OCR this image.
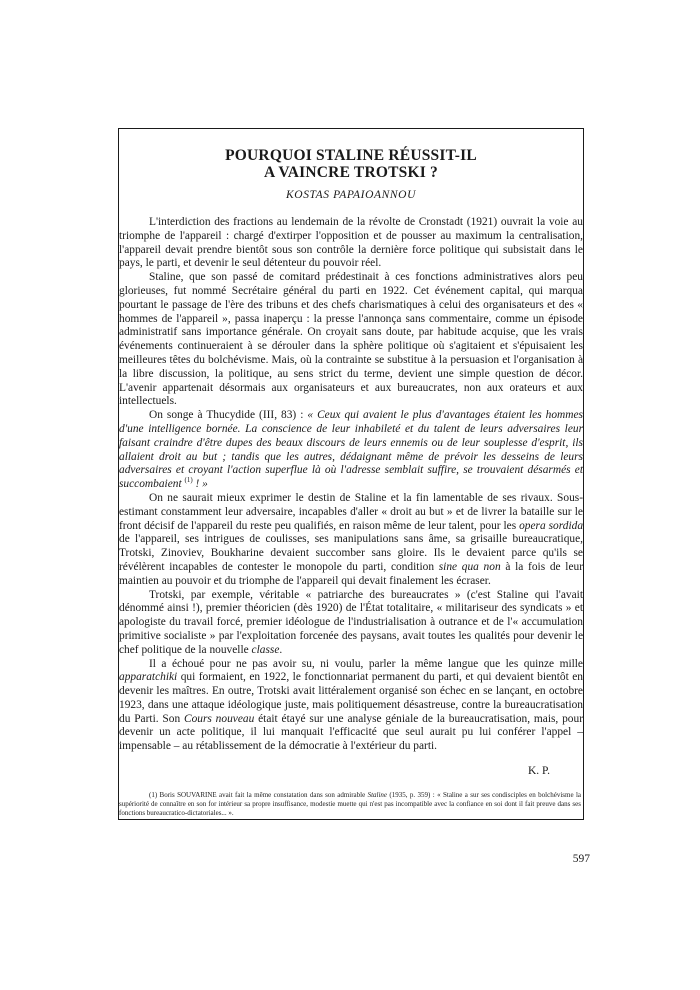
POURQUOI STALINE RÉUSSIT-IL
A VAINCRE TROTSKI ?
KOSTAS PAPAIOANNOU

L'interdiction des fractions au lendemain de la révolte de Cronstadt (1921) ouvrait la voie au triomphe de l'appareil : chargé d'extirper l'opposition et de pousser au maximum la centralisation, l'appareil devait prendre bientôt sous son contrôle la dernière force politique qui subsistait dans le pays, le parti, et devenir le seul détenteur du pouvoir réel.

Staline, que son passé de comitard prédestinait à ces fonctions administratives alors peu glorieuses, fut nommé Secrétaire général du parti en 1922. Cet événement capital, qui marqua pourtant le passage de l'ère des tribuns et des chefs charismatiques à celui des organisateurs et des « hommes de l'appareil », passa inaperçu : la presse l'annonça sans commentaire, comme un épisode administratif sans importance générale. On croyait sans doute, par habitude acquise, que les vrais événements continueraient à se dérouler dans la sphère politique où s'agitaient et s'épuisaient les meilleures têtes du bolchévisme. Mais, où la contrainte se substitue à la persuasion et l'organisation à la libre discussion, la politique, au sens strict du terme, devient une simple question de décor. L'avenir appartenait désormais aux organisateurs et aux bureaucrates, non aux orateurs et aux intellectuels.

On songe à Thucydide (III, 83) : « Ceux qui avaient le plus d'avantages étaient les hommes d'une intelligence bornée. La conscience de leur inhabileté et du talent de leurs adversaires leur faisant craindre d'être dupes des beaux discours de leurs ennemis ou de leur souplesse d'esprit, ils allaient droit au but ; tandis que les autres, dédaignant même de prévoir les desseins de leurs adversaires et croyant l'action superflue là où l'adresse semblait suffire, se trouvaient désarmés et succombaient $^{(1)}$ ! »

On ne saurait mieux exprimer le destin de Staline et la fin lamentable de ses rivaux. Sous-estimant constamment leur adversaire, incapables d'aller « droit au but » et de livrer la bataille sur le front décisif de l'appareil du reste peu qualifiés, en raison même de leur talent, pour les opera sordida de l'appareil, ses intrigues de coulisses, ses manipulations sans âme, sa grisaille bureaucratique, Trotski, Zinoviev, Boukharine devaient succomber sans gloire. Ils le devaient parce qu'ils se révélèrent incapables de contester le monopole du parti, condition sine qua non à la fois de leur maintien au pouvoir et du triomphe de l'appareil qui devait finalement les écraser.

Trotski, par exemple, véritable « patriarche des bureaucrates » (c'est Staline qui l'avait dénommé ainsi !), premier théoricien (dès 1920) de l'État totalitaire, « militariseur des syndicats » et apologiste du travail forcé, premier idéologue de l'industrialisation à outrance et de l'« accumulation primitive socialiste » par l'exploitation forcenée des paysans, avait toutes les qualités pour devenir le chef politique de la nouvelle classe.

Il a échoué pour ne pas avoir su, ni voulu, parler la même langue que les quinze mille apparatchiki qui formaient, en 1922, le fonctionnariat permanent du parti, et qui devaient bientôt en devenir les maîtres. En outre, Trotski avait littéralement organisé son échec en se lançant, en octobre 1923, dans une attaque idéologique juste, mais politiquement désastreuse, contre la bureaucratisation du Parti. Son Cours nouveau était étayé sur une analyse géniale de la bureaucratisation, mais, pour devenir un acte politique, il lui manquait l'efficacité que seul aurait pu lui conférer l'appel – impensable – au rétablissement de la démocratie à l'extérieur du parti.

K. P.

(1) Boris SOUVARINE avait fait la même constatation dans son admirable Staline (1935, p. 359) : « Staline a sur ses condisciples en bolchévisme la supériorité de connaître en son for intérieur sa propre insuffisance, modestie muette qui n'est pas incompatible avec la confiance en soi dont il fait preuve dans ses fonctions bureaucratico-dictatoriales... ».

597
